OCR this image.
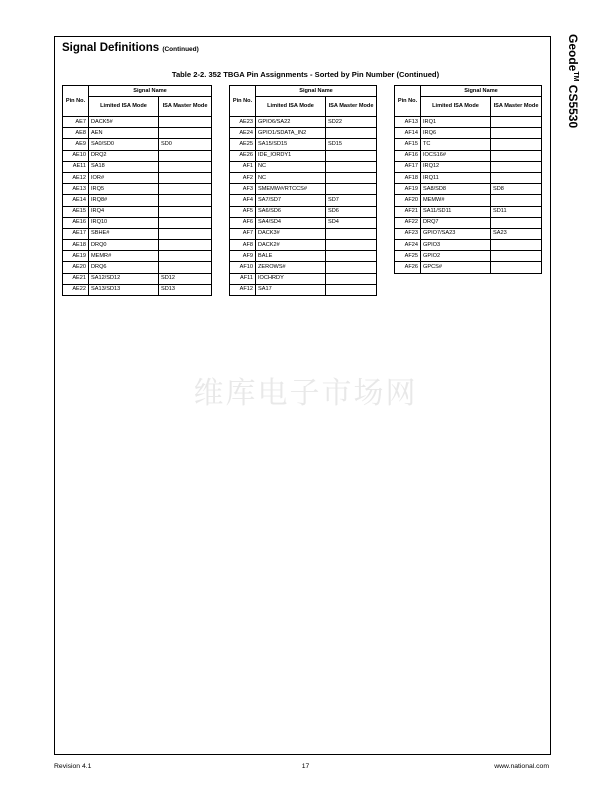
Signal Definitions (Continued)	Geode™ CS5530
Table 2-2. 352 TBGA Pin Assignments - Sorted by Pin Number (Continued)
Pin No.	Signal Name	
	Limited ISA Mode	ISA Master Mode
AE7	DACK5#	
AE8	AEN	
AE9	SA0/SD0	SD0
AE10	DRQ2	
AE11	SA18	
AE12	IOR#	
AE13	IRQ5	
AE14	IRQ8#	
AE15	IRQ4	
AE16	IRQ10	
AE17	SBHE#	
AE18	DRQ0	
AE19	MEMR#	
AE20	DRQ6	
AE21	SA12/SD12	SD12
AE22	SA13/SD13	SD13
Pin No.	Signal Name	
	Limited ISA Mode	ISA Master Mode
AE23	GPIO6/SA22	SD22
AE24	GPIO1/SDATA_IN2	
AE25	SA15/SD15	SD15
AE26	IDE_IORDY1	
AF1	NC	
AF2	NC	
AF3	SMEMW#/RTCCS#	
AF4	SA7/SD7	SD7
AF5	SA6/SD6	SD6
AF6	SA4/SD4	SD4
AF7	DACK3#	
AF8	DACK2#	
AF9	BALE	
AF10	ZEROWS#	
AF11	IOCHRDY	
AF12	SA17	
Pin No.	Signal Name	
	Limited ISA Mode	ISA Master Mode
AF13	IRQ1	
AF14	IRQ6	
AF15	TC	
AF16	IOCS16#	
AF17	IRQ12	
AF18	IRQ11	
AF19	SA8/SD8	SD8
AF20	MEMW#	
AF21	SA11/SD11	SD11
AF22	DRQ7	
AF23	GPIO7/SA23	SA23
AF24	GPIO3	
AF25	GPIO2	
AF26	GPCS#	
维库电子市场网
Revision 4.1	17	www.national.com
